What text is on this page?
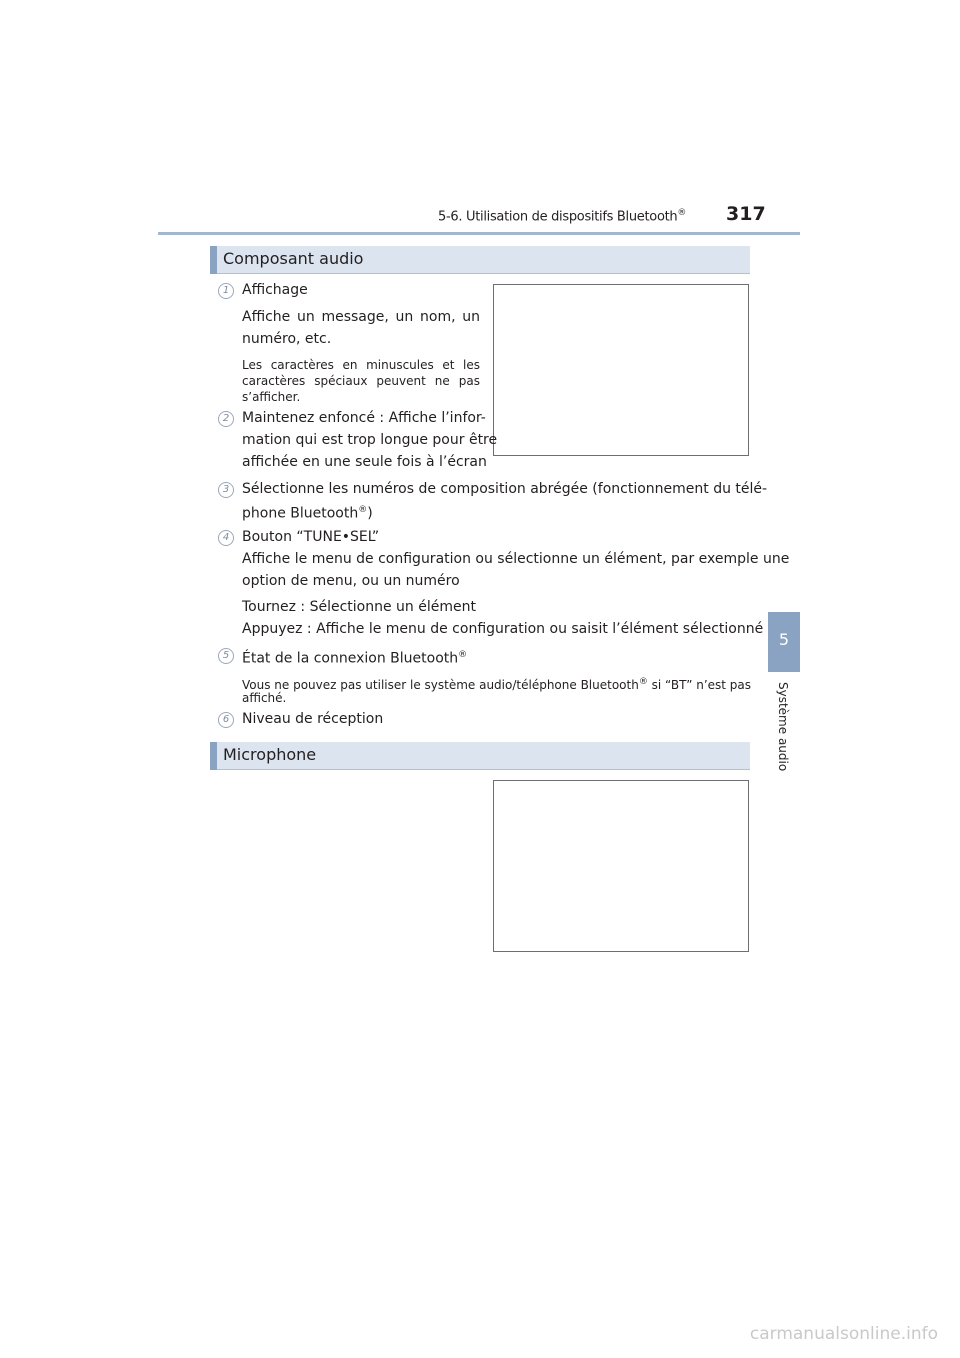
5-6. Utilisation de dispositifs Bluetooth® 317
5
Système audio
Composant audio
1 Affichage
Affiche un message, un nom, un
numéro, etc.
Les caractères en minuscules et les
caractères spéciaux peuvent ne pas
s’afficher.
2 Maintenez enfoncé : Affiche l’infor-
mation qui est trop longue pour être
affichée en une seule fois à l’écran
3 Sélectionne les numéros de composition abrégée (fonctionnement du télé-
phone Bluetooth®)
4 Bouton “TUNE•SEL”
Affiche le menu de configuration ou sélectionne un élément, par exemple une
option de menu, ou un numéro
Tournez : Sélectionne un élément
Appuyez : Affiche le menu de configuration ou saisit l’élément sélectionné
5 État de la connexion Bluetooth®
Vous ne pouvez pas utiliser le système audio/téléphone Bluetooth® si “BT” n’est pas
affiché.
6 Niveau de réception
Microphone
carmanualsonline.info
